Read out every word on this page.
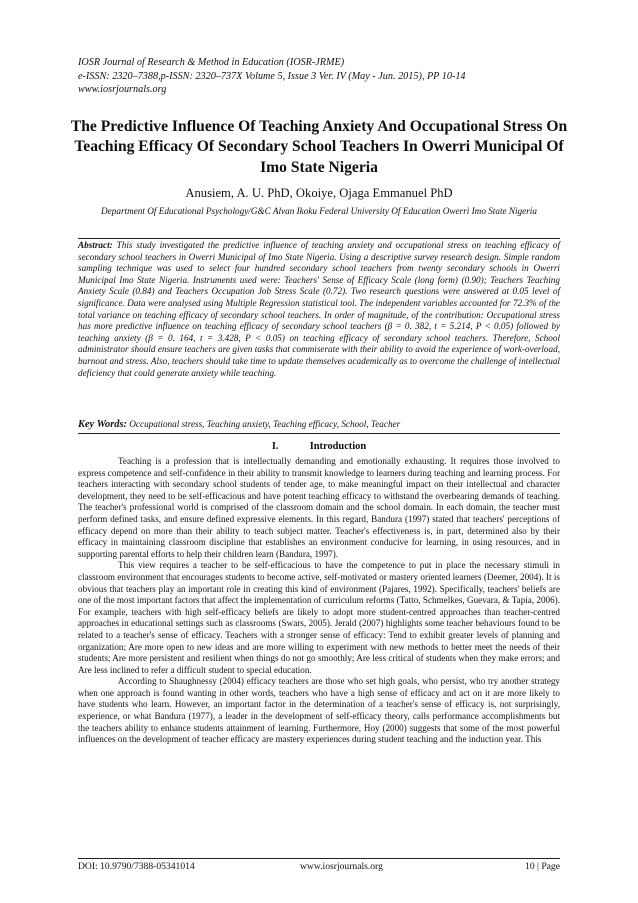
IOSR Journal of Research & Method in Education (IOSR-JRME)
e-ISSN: 2320–7388,p-ISSN: 2320–737X Volume 5, Issue 3 Ver. IV (May - Jun. 2015), PP 10-14
www.iosrjournals.org
The Predictive Influence Of Teaching Anxiety And Occupational Stress On Teaching Efficacy Of Secondary School Teachers In Owerri Municipal Of Imo State Nigeria
Anusiem, A. U. PhD, Okoiye, Ojaga Emmanuel PhD
Department Of Educational Psychology/G&C Alvan Ikoku Federal University Of Education Owerri Imo State Nigeria
Abstract: This study investigated the predictive influence of teaching anxiety and occupational stress on teaching efficacy of secondary school teachers in Owerri Municipal of Imo State Nigeria. Using a descriptive survey research design. Simple random sampling technique was used to select four hundred secondary school teachers from twenty secondary schools in Owerri Municipal Imo State Nigeria. Instruments used were: Teachers' Sense of Efficacy Scale (long form) (0.90); Teachers Teaching Anxiety Scale (0.84) and Teachers Occupation Job Stress Scale (0.72). Two research questions were answered at 0.05 level of significance. Data were analysed using Multiple Regression statistical tool. The independent variables accounted for 72.3% of the total variance on teaching efficacy of secondary school teachers. In order of magnitude, of the contribution: Occupational stress has more predictive influence on teaching efficacy of secondary school teachers (β = 0. 382, t = 5.214, P < 0.05) followed by teaching anxiety (β = 0. 164, t = 3.428, P < 0.05) on teaching efficacy of secondary school teachers. Therefore, School administrator should ensure teachers are given tasks that commiserate with their ability to avoid the experience of work-overload, burnout and stress. Also, teachers should take time to update themselves academically as to overcome the challenge of intellectual deficiency that could generate anxiety while teaching.
Key Words: Occupational stress, Teaching anxiety, Teaching efficacy, School, Teacher
I.	Introduction

Teaching is a profession that is intellectually demanding and emotionally exhausting. It requires those involved to express competence and self-confidence in their ability to transmit knowledge to learners during teaching and learning process. For teachers interacting with secondary school students of tender age, to make meaningful impact on their intellectual and character development, they need to be self-efficacious and have potent teaching efficacy to withstand the overbearing demands of teaching. The teacher's professional world is comprised of the classroom domain and the school domain. In each domain, the teacher must perform defined tasks, and ensure defined expressive elements. In this regard, Bandura (1997) stated that teachers' perceptions of efficacy depend on more than their ability to teach subject matter. Teacher's effectiveness is, in part, determined also by their efficacy in maintaining classroom discipline that establishes an environment conducive for learning, in using resources, and in supporting parental efforts to help their children learn (Bandura, 1997).

This view requires a teacher to be self-efficacious to have the competence to put in place the necessary stimuli in classroom environment that encourages students to become active, self-motivated or mastery oriented learners (Deemer, 2004). It is obvious that teachers play an important role in creating this kind of environment (Pajares, 1992). Specifically, teachers' beliefs are one of the most important factors that affect the implementation of curriculum reforms (Tatto, Schmelkes, Guevara, & Tapia, 2006). For example, teachers with high self-efficacy beliefs are likely to adopt more student-centred approaches than teacher-centred approaches in educational settings such as classrooms (Swars, 2005). Jerald (2007) highlights some teacher behaviours found to be related to a teacher's sense of efficacy. Teachers with a stronger sense of efficacy: Tend to exhibit greater levels of planning and organization; Are more open to new ideas and are more willing to experiment with new methods to better meet the needs of their students; Are more persistent and resilient when things do not go smoothly; Are less critical of students when they make errors; and Are less inclined to refer a difficult student to special education.

According to Shaughnessy (2004) efficacy teachers are those who set high goals, who persist, who try another strategy when one approach is found wanting in other words, teachers who have a high sense of efficacy and act on it are more likely to have students who learn. However, an important factor in the determination of a teacher's sense of efficacy is, not surprisingly, experience, or what Bandura (1977), a leader in the development of self-efficacy theory, calls performance accomplishments but the teachers ability to enhance students attainment of learning. Furthermore, Hoy (2000) suggests that some of the most powerful influences on the development of teacher efficacy are mastery experiences during student teaching and the induction year. This

DOI: 10.9790/7388-05341014	www.iosrjournals.org	10 | Page
